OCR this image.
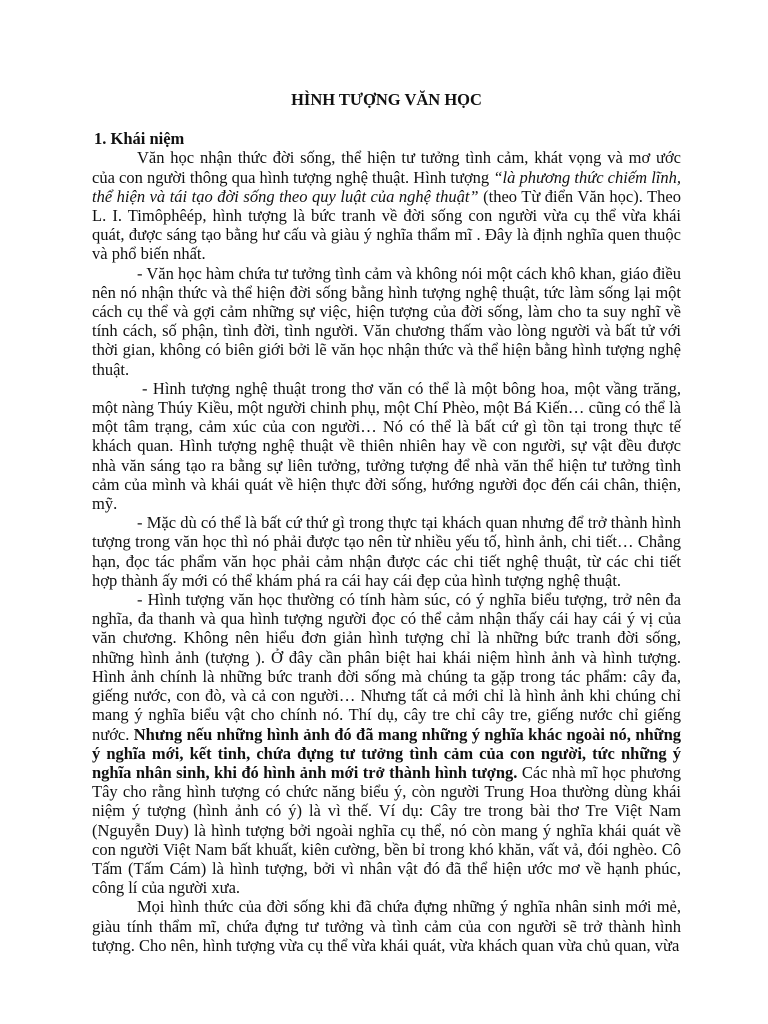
HÌNH TƯỢNG VĂN HỌC
1. Khái niệm

Văn học nhận thức đời sống, thể hiện tư tưởng tình cảm, khát vọng và mơ ước của con người thông qua hình tượng nghệ thuật. Hình tượng “là phương thức chiếm lĩnh, thể hiện và tái tạo đời sống theo quy luật của nghệ thuật” (theo Từ điển Văn học). Theo L. I. Timôphêép, hình tượng là bức tranh về đời sống con người vừa cụ thể vừa khái quát, được sáng tạo bằng hư cấu và giàu ý nghĩa thẩm mĩ . Đây là định nghĩa quen thuộc và phổ biến nhất.

- Văn học hàm chứa tư tưởng tình cảm và không nói một cách khô khan, giáo điều nên nó nhận thức và thể hiện đời sống bằng hình tượng nghệ thuật, tức làm sống lại một cách cụ thể và gợi cảm những sự việc, hiện tượng của đời sống, làm cho ta suy nghĩ về tính cách, số phận, tình đời, tình người. Văn chương thấm vào lòng người và bất tử với thời gian, không có biên giới bởi lẽ văn học nhận thức và thể hiện bằng hình tượng nghệ thuật.

- Hình tượng nghệ thuật trong thơ văn có thể là một bông hoa, một vầng trăng, một nàng Thúy Kiều, một người chinh phụ, một Chí Phèo, một Bá Kiến… cũng có thể là một tâm trạng, cảm xúc của con người… Nó có thể là bất cứ gì tồn tại trong thực tế khách quan. Hình tượng nghệ thuật về thiên nhiên hay về con người, sự vật đều được nhà văn sáng tạo ra bằng sự liên tưởng, tưởng tượng để nhà văn thể hiện tư tưởng tình cảm của mình và khái quát về hiện thực đời sống, hướng người đọc đến cái chân, thiện, mỹ.

- Mặc dù có thể là bất cứ thứ gì trong thực tại khách quan nhưng để trở thành hình tượng trong văn học thì nó phải được tạo nên từ nhiều yếu tố, hình ảnh, chi tiết… Chẳng hạn, đọc tác phẩm văn học phải cảm nhận được các chi tiết nghệ thuật, từ các chi tiết hợp thành ấy mới có thể khám phá ra cái hay cái đẹp của hình tượng nghệ thuật.

- Hình tượng văn học thường có tính hàm súc, có ý nghĩa biểu tượng, trở nên đa nghĩa, đa thanh và qua hình tượng người đọc có thể cảm nhận thấy cái hay cái ý vị của văn chương. Không nên hiểu đơn giản hình tượng chỉ là những bức tranh đời sống, những hình ảnh (tượng ). Ở đây cần phân biệt hai khái niệm hình ảnh và hình tượng. Hình ảnh chính là những bức tranh đời sống mà chúng ta gặp trong tác phẩm: cây đa, giếng nước, con đò, và cả con người… Nhưng tất cả mới chỉ là hình ảnh khi chúng chỉ mang ý nghĩa biểu vật cho chính nó. Thí dụ, cây tre chỉ cây tre, giếng nước chỉ giếng nước. Nhưng nếu những hình ảnh đó đã mang những ý nghĩa khác ngoài nó, những ý nghĩa mới, kết tinh, chứa đựng tư tưởng tình cảm của con người, tức những ý nghĩa nhân sinh, khi đó hình ảnh mới trở thành hình tượng. Các nhà mĩ học phương Tây cho rằng hình tượng có chức năng biểu ý, còn người Trung Hoa thường dùng khái niệm ý tượng (hình ảnh có ý) là vì thế. Ví dụ: Cây tre trong bài thơ Tre Việt Nam (Nguyễn Duy) là hình tượng bởi ngoài nghĩa cụ thể, nó còn mang ý nghĩa khái quát về con người Việt Nam bất khuất, kiên cường, bền bỉ trong khó khăn, vất vả, đói nghèo. Cô Tấm (Tấm Cám) là hình tượng, bởi vì nhân vật đó đã thể hiện ước mơ về hạnh phúc, công lí của người xưa.

Mọi hình thức của đời sống khi đã chứa đựng những ý nghĩa nhân sinh mới mẻ, giàu tính thẩm mĩ, chứa đựng tư tưởng và tình cảm của con người sẽ trở thành hình tượng. Cho nên, hình tượng vừa cụ thể vừa khái quát, vừa khách quan vừa chủ quan, vừa
